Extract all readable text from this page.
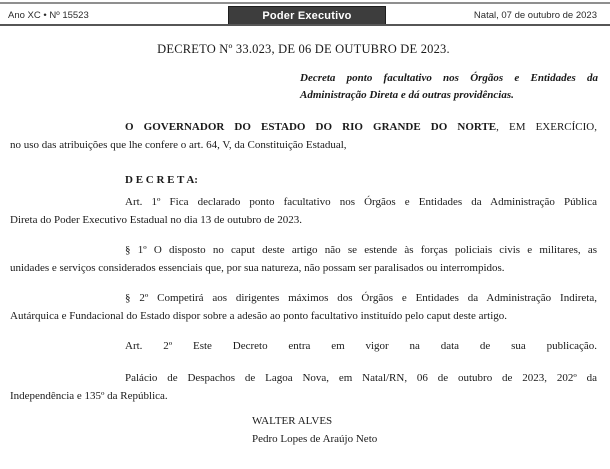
Ano XC • Nº 15523	Poder Executivo	Natal, 07 de outubro de 2023
DECRETO Nº 33.023, DE 06 DE OUTUBRO DE 2023.
Decreta ponto facultativo nos Órgãos e Entidades da
Administração Direta e dá outras providências.
O GOVERNADOR DO ESTADO DO RIO GRANDE DO NORTE, EM EXERCÍCIO,
no uso das atribuições que lhe confere o art. 64, V, da Constituição Estadual,
D E C R E T A:
Art. 1º Fica declarado ponto facultativo nos Órgãos e Entidades da Administração Pública
Direta do Poder Executivo Estadual no dia 13 de outubro de 2023.
§ 1º O disposto no caput deste artigo não se estende às forças policiais civis e militares, as
unidades e serviços considerados essenciais que, por sua natureza, não possam ser paralisados ou interrompidos.
§ 2º Competirá aos dirigentes máximos dos Órgãos e Entidades da Administração Indireta,
Autárquica e Fundacional do Estado dispor sobre a adesão ao ponto facultativo instituído pelo caput deste artigo.
Art. 2º Este Decreto entra em vigor na data de sua publicação.
Palácio de Despachos de Lagoa Nova, em Natal/RN, 06 de outubro de 2023, 202º da
Independência e 135º da República.
WALTER ALVES
Pedro Lopes de Araújo Neto
